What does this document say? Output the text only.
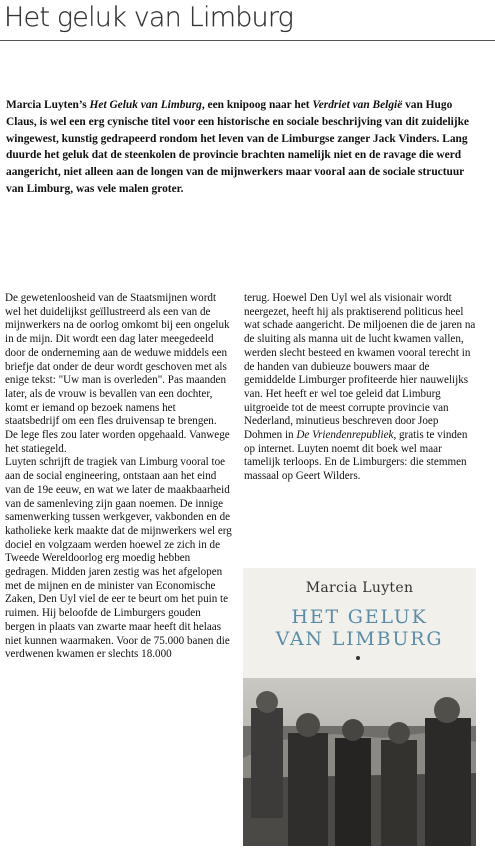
Het geluk van Limburg

Marcia Luyten’s Het Geluk van Limburg, een knipoog naar het Verdriet van België van Hugo Claus, is wel een erg cynische titel voor een historische en sociale beschrijving van dit zuidelijke wingewest, kunstig gedrapeerd rondom het leven van de Limburgse zanger Jack Vinders. Lang duurde het geluk dat de steenkolen de provincie brachten namelijk niet en de ravage die werd aangericht, niet alleen aan de longen van de mijnwerkers maar vooral aan de sociale structuur van Limburg, was vele malen groter.

De gewetenloosheid van de Staatsmijnen wordt wel het duidelijkst geïllustreerd als een van de mijnwerkers na de oorlog omkomt bij een ongeluk in de mijn. Dit wordt een dag later meegedeeld door de onderneming aan de weduwe middels een briefje dat onder de deur wordt geschoven met als enige tekst: "Uw man is overleden". Pas maanden later, als de vrouw is bevallen van een dochter, komt er iemand op bezoek namens het staatsbedrijf om een fles druivensap te brengen. De lege fles zou later worden opgehaald. Vanwege het statiegeld.

Luyten schrijft de tragiek van Limburg vooral toe aan de social engineering, ontstaan aan het eind van de 19e eeuw, en wat we later de maakbaarheid van de samenleving zijn gaan noemen. De innige samenwerking tussen werkgever, vakbonden en de katholieke kerk maakte dat de mijnwerkers wel erg dociel en volgzaam werden hoewel ze zich in de Tweede Wereldoorlog erg moedig hebben gedragen. Midden jaren zestig was het afgelopen met de mijnen en de minister van Economische Zaken, Den Uyl viel de eer te beurt om het puin te ruimen. Hij beloofde de Limburgers gouden bergen in plaats van zwarte maar heeft dit helaas niet kunnen waarmaken. Voor de 75.000 banen die verdwenen kwamen er slechts 18.000

terug. Hoewel Den Uyl wel als visionair wordt neergezet, heeft hij als praktiserend politicus heel wat schade aangericht. De miljoenen die de jaren na de sluiting als manna uit de lucht kwamen vallen, werden slecht besteed en kwamen vooral terecht in de handen van dubieuze bouwers maar de gemiddelde Limburger profiteerde hier nauwelijks van. Het heeft er wel toe geleid dat Limburg uitgroeide tot de meest corrupte provincie van Nederland, minutieus beschreven door Joep Dohmen in De Vriendenrepubliek, gratis te vinden op internet. Luyten noemt dit boek wel maar tamelijk terloops. En de Limburgers: die stemmen massaal op Geert Wilders.

Marcia Luyten
HET GELUK
VAN LIMBURG
